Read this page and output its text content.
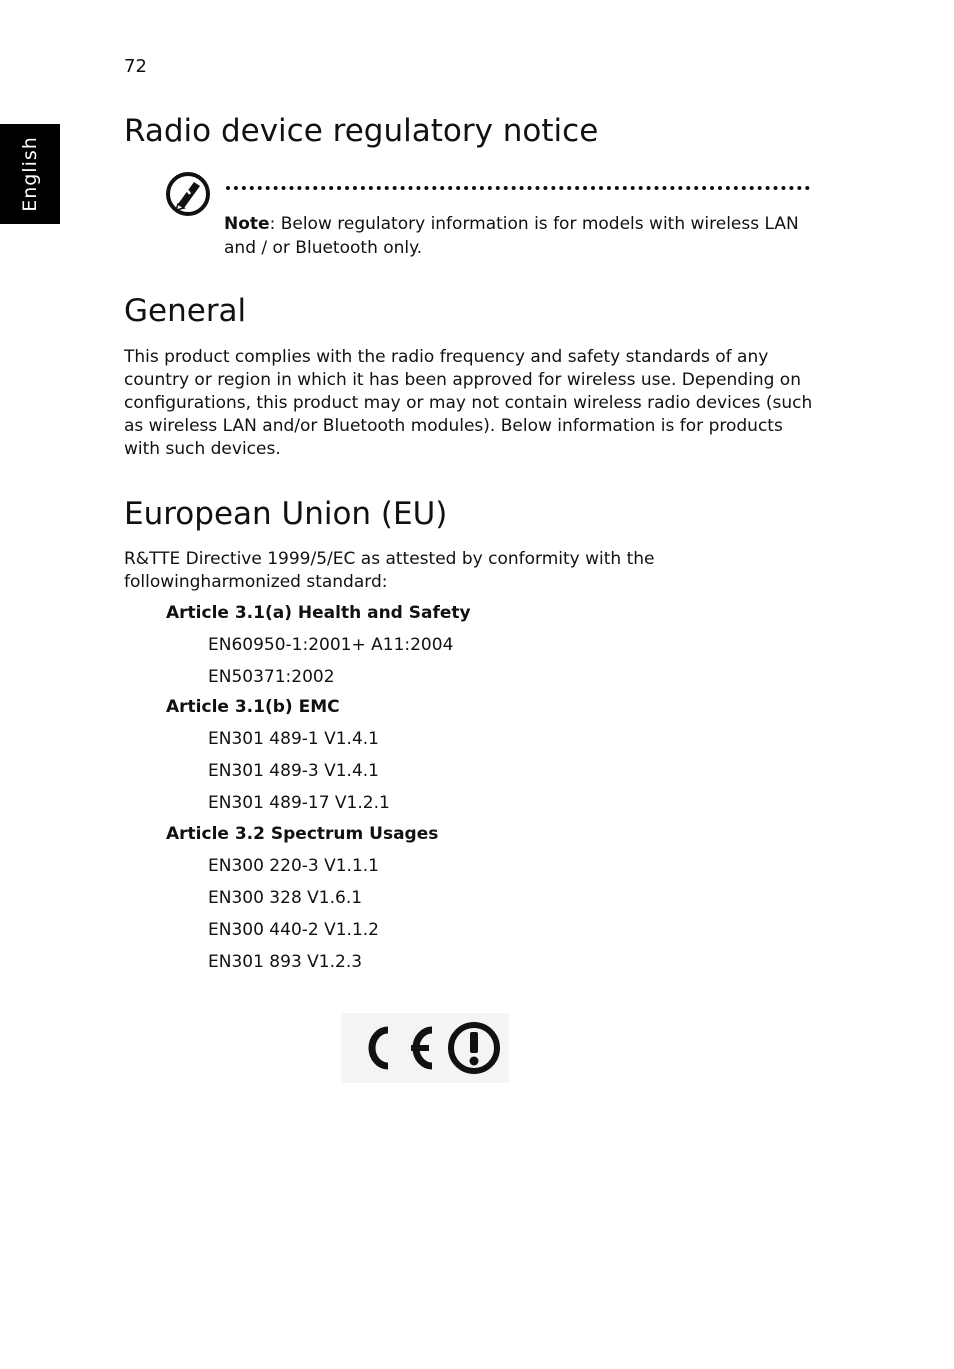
72
English
Radio device regulatory notice

Note: Below regulatory information is for models with wireless LAN and / or Bluetooth only.

General

This product complies with the radio frequency and safety standards of any country or region in which it has been approved for wireless use. Depending on configurations, this product may or may not contain wireless radio devices (such as wireless LAN and/or Bluetooth modules). Below information is for products with such devices.

European Union (EU)

R&TTE Directive 1999/5/EC as attested by conformity with the

followingharmonized standard:

Article 3.1(a) Health and Safety

EN60950-1:2001+ A11:2004

EN50371:2002

Article 3.1(b) EMC

EN301 489-1 V1.4.1

EN301 489-3 V1.4.1

EN301 489-17 V1.2.1

Article 3.2 Spectrum Usages

EN300 220-3 V1.1.1

EN300 328 V1.6.1

EN300 440-2 V1.1.2

EN301 893 V1.2.3
